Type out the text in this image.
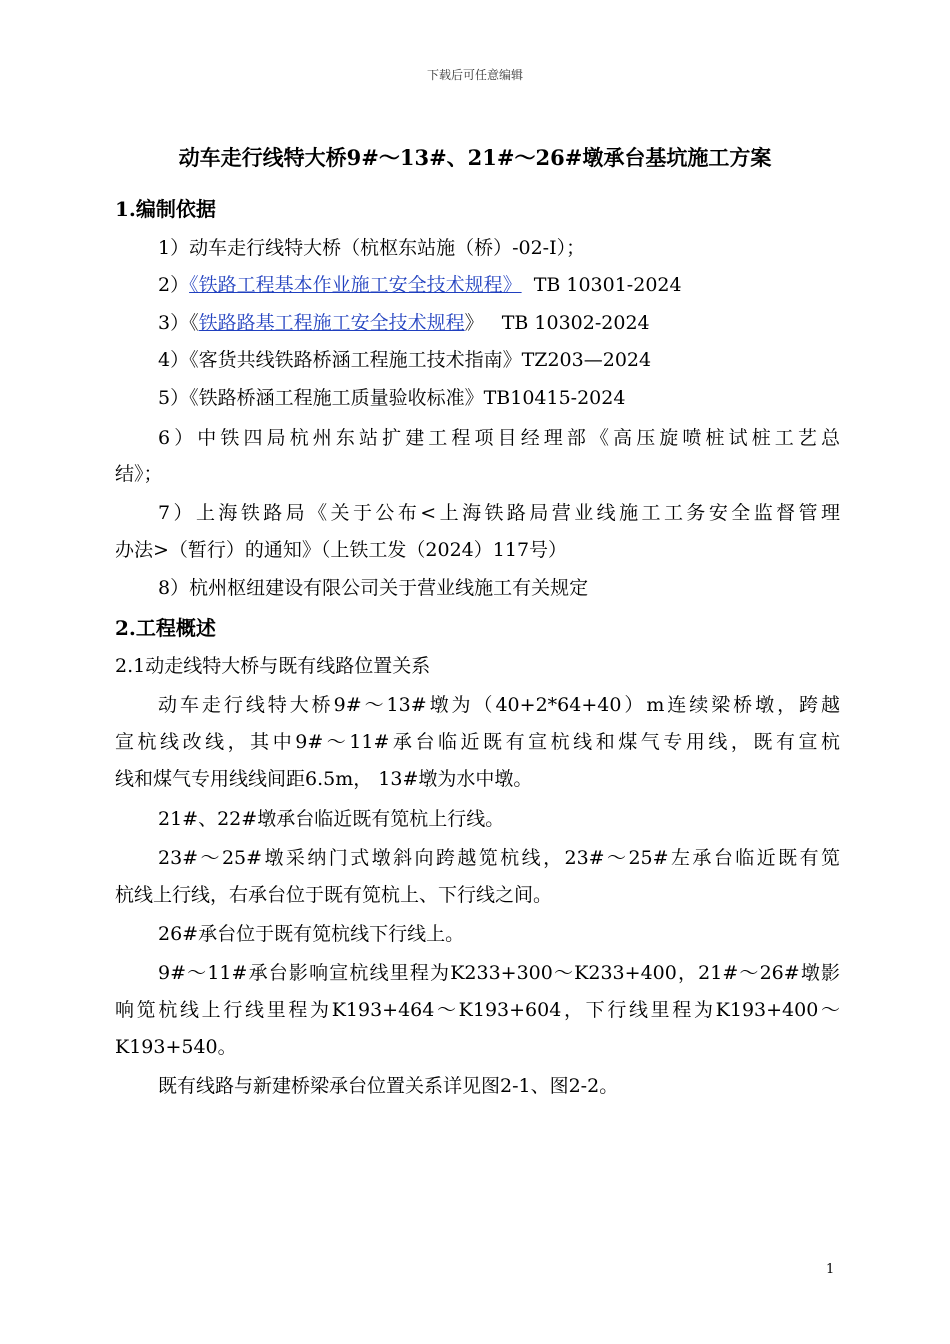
下载后可任意编辑
动车走行线特大桥9#～13#、21#～26#墩承台基坑施工方案
1.编制依据
1）动车走行线特大桥（杭枢东站施（桥）-02-I）；
2）《铁路工程基本作业施工安全技术规程》  TB 10301-2024
3）《铁路路基工程施工安全技术规程》   TB 10302-2024
4）《客货共线铁路桥涵工程施工技术指南》TZ203—2024
5）《铁路桥涵工程施工质量验收标准》TB10415-2024
6）中铁四局杭州东站扩建工程项目经理部《高压旋喷桩试桩工艺总
结》；
7）上海铁路局《关于公布<上海铁路局营业线施工工务安全监督管理
办法>（暂行）的通知》（上铁工发（2024）117号）
8）杭州枢纽建设有限公司关于营业线施工有关规定
2.工程概述
2.1动走线特大桥与既有线路位置关系
动车走行线特大桥9#～13#墩为（40+2*64+40）m连续梁桥墩，跨越
宣杭线改线，其中9#～11#承台临近既有宣杭线和煤气专用线，既有宣杭
线和煤气专用线线间距6.5m， 13#墩为水中墩。
21#、22#墩承台临近既有笕杭上行线。
23#～25#墩采纳门式墩斜向跨越笕杭线，23#～25#左承台临近既有笕
杭线上行线，右承台位于既有笕杭上、下行线之间。
26#承台位于既有笕杭线下行线上。
9#～11#承台影响宣杭线里程为K233+300～K233+400，21#～26#墩影
响笕杭线上行线里程为K193+464～K193+604，下行线里程为K193+400～
K193+540。
既有线路与新建桥梁承台位置关系详见图2-1、图2-2。
1
